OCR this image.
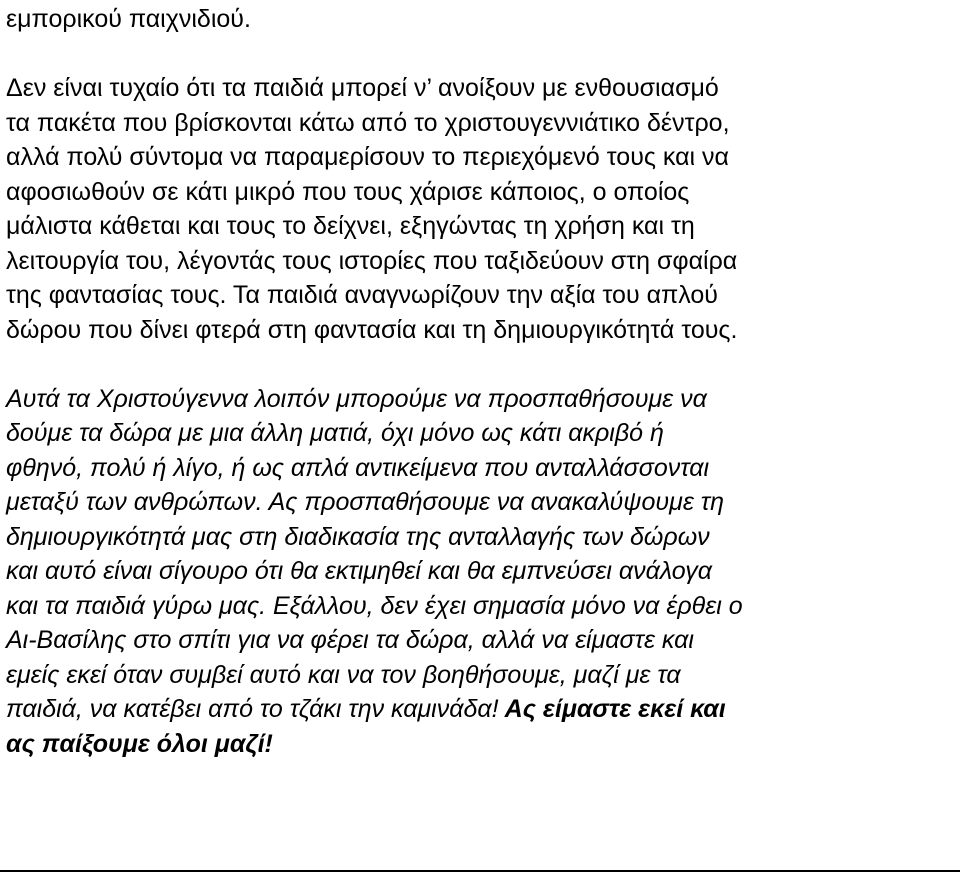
εμπορικού παιχνιδιού.
Δεν είναι τυχαίο ότι τα παιδιά μπορεί ν’ ανοίξουν με ενθουσιασμό
τα πακέτα που βρίσκονται κάτω από το χριστουγεννιάτικο δέντρο,
αλλά πολύ σύντομα να παραμερίσουν το περιεχόμενό τους και να
αφοσιωθούν σε κάτι μικρό που τους χάρισε κάποιος, ο οποίος
μάλιστα κάθεται και τους το δείχνει, εξηγώντας τη χρήση και τη
λειτουργία του, λέγοντάς τους ιστορίες που ταξιδεύουν στη σφαίρα
της φαντασίας τους. Τα παιδιά αναγνωρίζουν την αξία του απλού
δώρου που δίνει φτερά στη φαντασία και τη δημιουργικότητά τους.
Αυτά τα Χριστούγεννα λοιπόν μπορούμε να προσπαθήσουμε να
δούμε τα δώρα με μια άλλη ματιά, όχι μόνο ως κάτι ακριβό ή
φθηνό, πολύ ή λίγο, ή ως απλά αντικείμενα που ανταλλάσσονται
μεταξύ των ανθρώπων. Ας προσπαθήσουμε να ανακαλύψουμε τη
δημιουργικότητά μας στη διαδικασία της ανταλλαγής των δώρων
και αυτό είναι σίγουρο ότι θα εκτιμηθεί και θα εμπνεύσει ανάλογα
και τα παιδιά γύρω μας. Εξάλλου, δεν έχει σημασία μόνο να έρθει ο
Αι-Βασίλης στο σπίτι για να φέρει τα δώρα, αλλά να είμαστε και
εμείς εκεί όταν συμβεί αυτό και να τον βοηθήσουμε, μαζί με τα
παιδιά, να κατέβει από το τζάκι την καμινάδα! Ας είμαστε εκεί και
ας παίξουμε όλοι μαζί!
